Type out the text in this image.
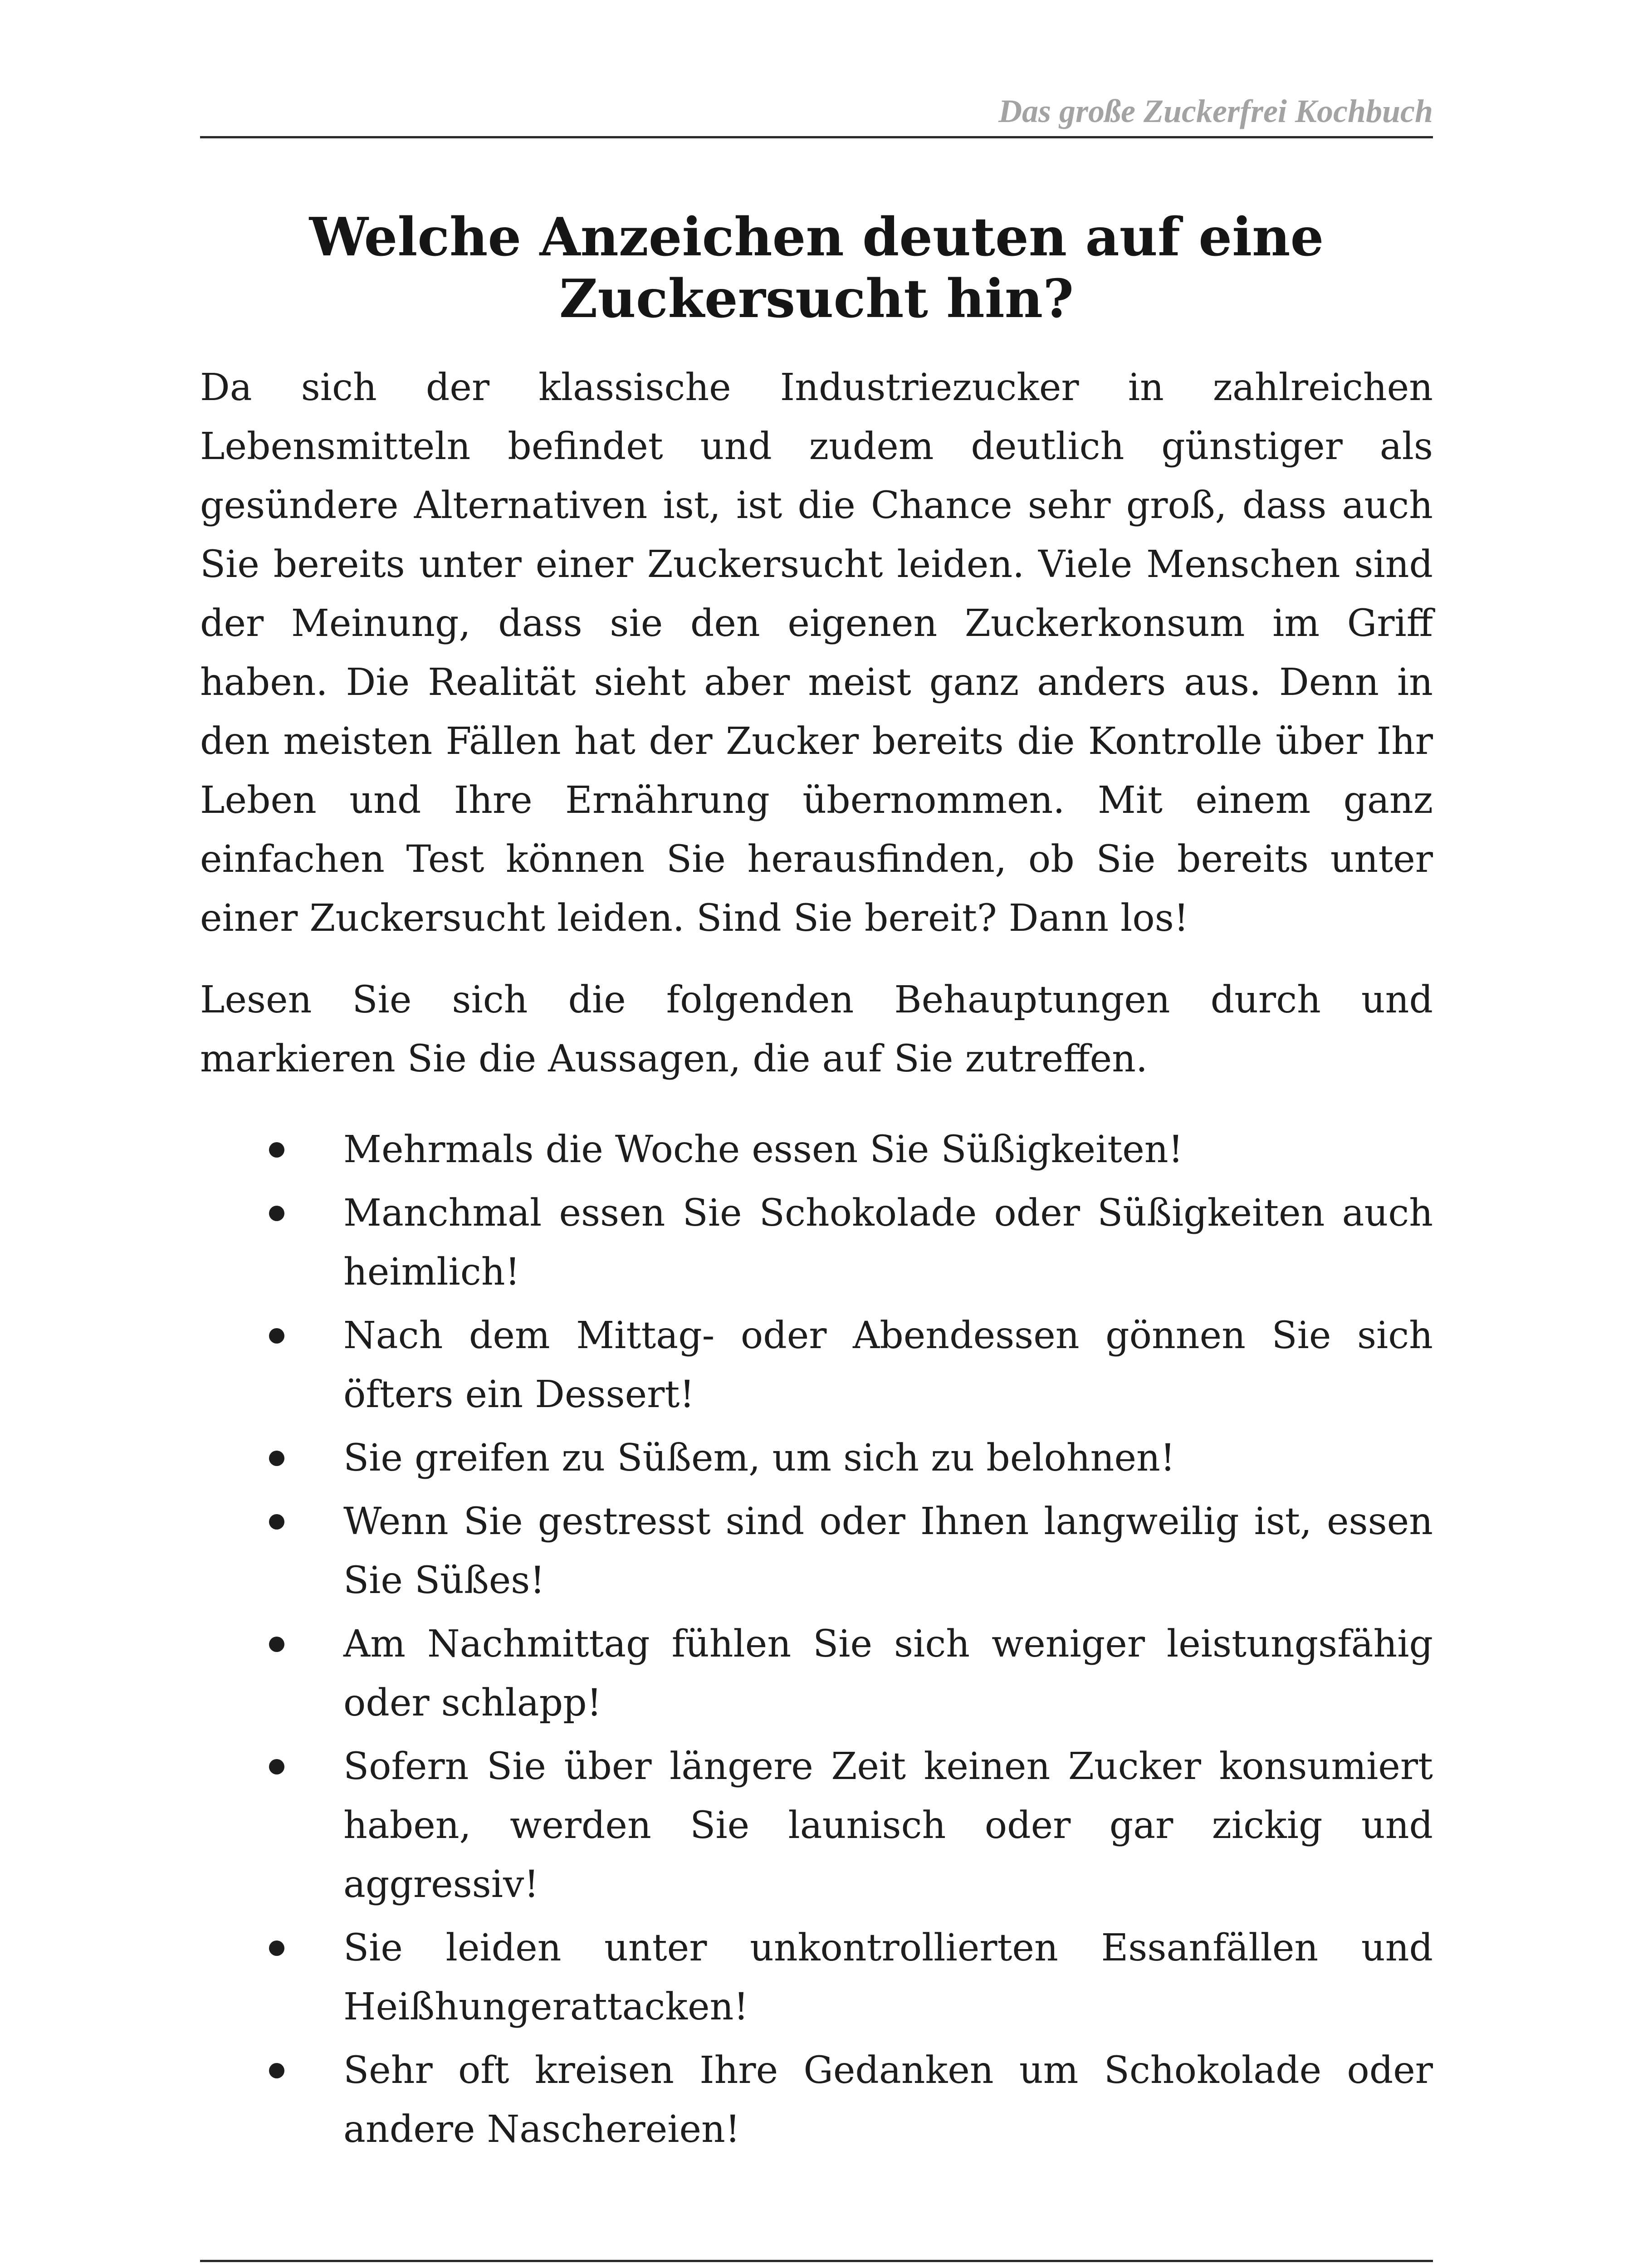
Das große Zuckerfrei Kochbuch
Welche Anzeichen deuten auf eine Zuckersucht hin?

Da sich der klassische Industriezucker in zahlreichen Lebensmitteln befindet und zudem deutlich günstiger als gesündere Alternativen ist, ist die Chance sehr groß, dass auch Sie bereits unter einer Zuckersucht leiden. Viele Menschen sind der Meinung, dass sie den eigenen Zuckerkonsum im Griff haben. Die Realität sieht aber meist ganz anders aus. Denn in den meisten Fällen hat der Zucker bereits die Kontrolle über Ihr Leben und Ihre Ernährung übernommen. Mit einem ganz einfachen Test können Sie herausfinden, ob Sie bereits unter einer Zuckersucht leiden. Sind Sie bereit? Dann los!

Lesen Sie sich die folgenden Behauptungen durch und markieren Sie die Aussagen, die auf Sie zutreffen.

Mehrmals die Woche essen Sie Süßigkeiten!
Manchmal essen Sie Schokolade oder Süßigkeiten auch heimlich!
Nach dem Mittag- oder Abendessen gönnen Sie sich öfters ein Dessert!
Sie greifen zu Süßem, um sich zu belohnen!
Wenn Sie gestresst sind oder Ihnen langweilig ist, essen Sie Süßes!
Am Nachmittag fühlen Sie sich weniger leistungsfähig oder schlapp!
Sofern Sie über längere Zeit keinen Zucker konsumiert haben, werden Sie launisch oder gar zickig und aggressiv!
Sie leiden unter unkontrollierten Essanfällen und Heißhungerattacken!
Sehr oft kreisen Ihre Gedanken um Schokolade oder andere Naschereien!
